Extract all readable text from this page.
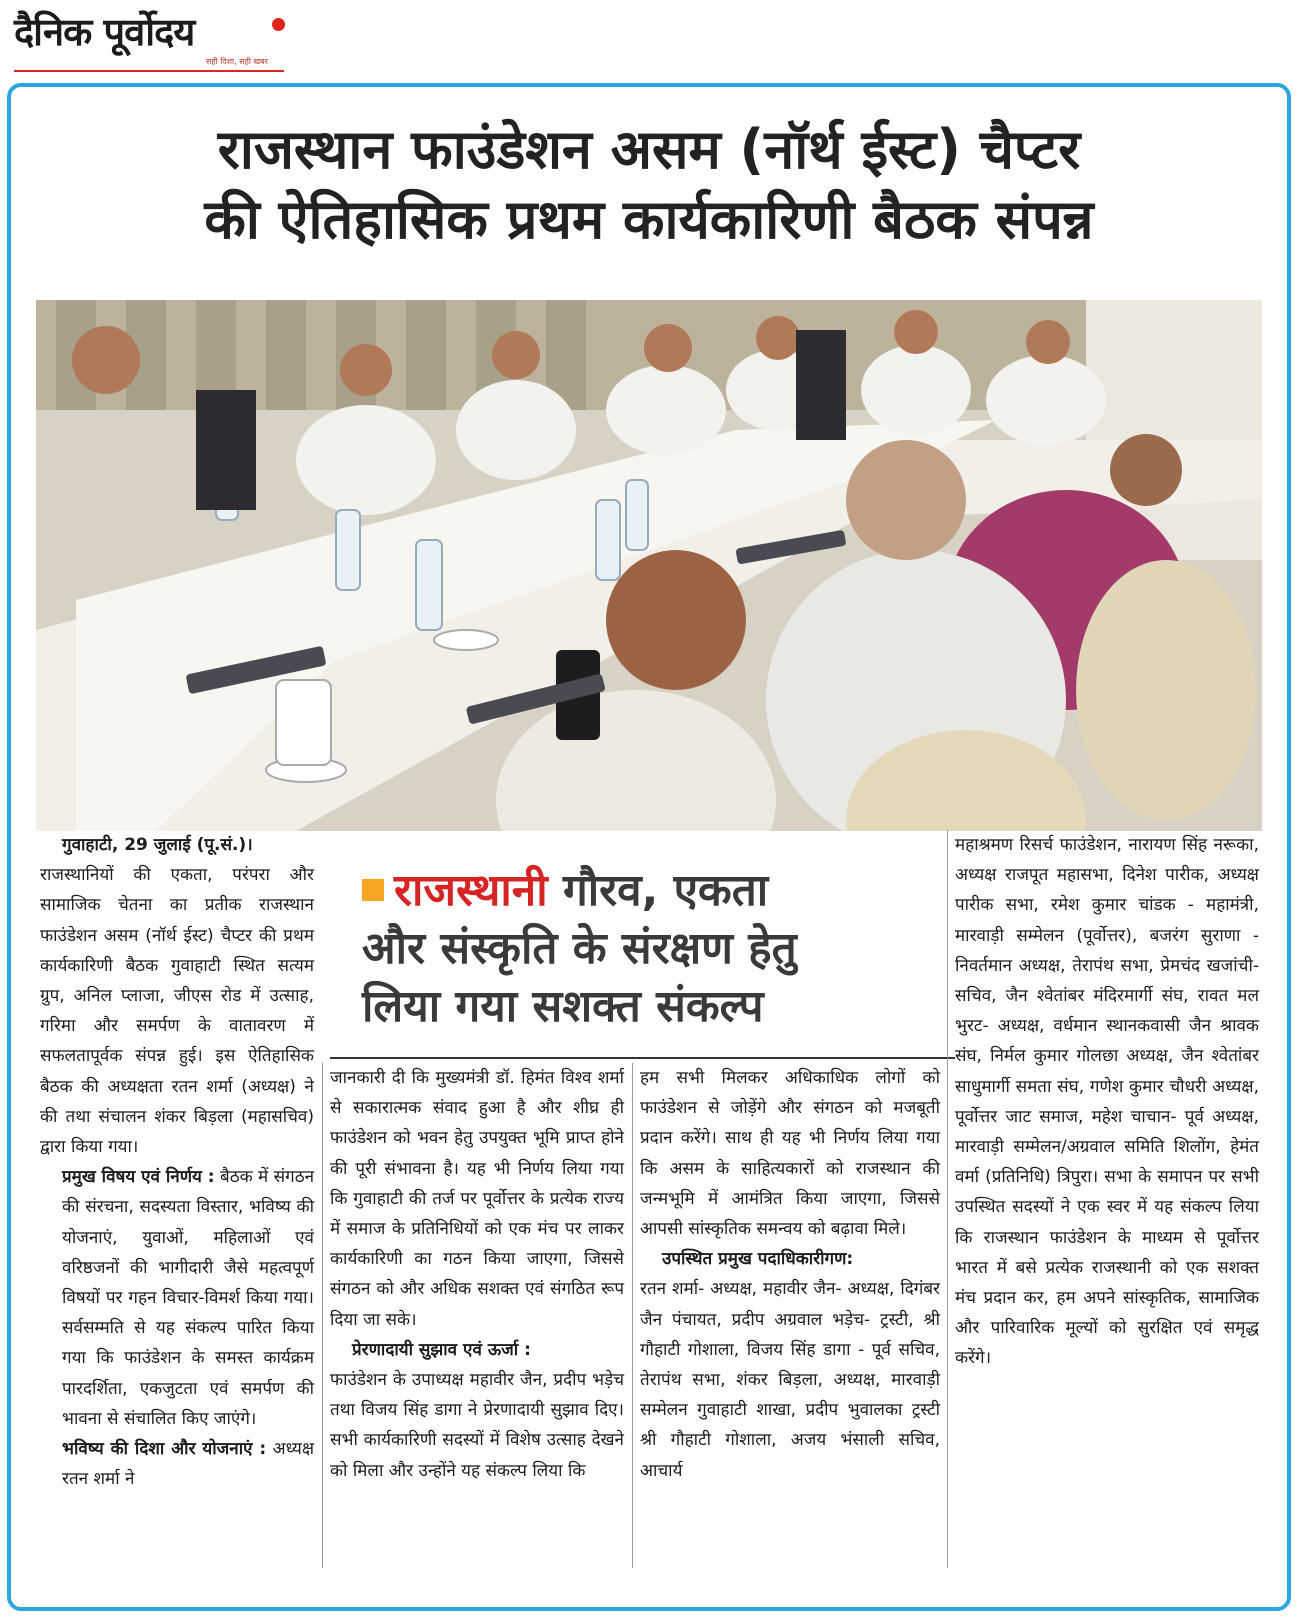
दैनिक पूर्वोदय
सही दिशा, सही खबर
राजस्थान फाउंडेशन असम (नॉर्थ ईस्ट) चैप्टर
की ऐतिहासिक प्रथम कार्यकारिणी बैठक संपन्न
राजस्थानी गौरव, एकता
और संस्कृति के संरक्षण हेतु
लिया गया सशक्त संकल्प

गुवाहाटी, 29 जुलाई (पू.सं.)।

राजस्थानियों की एकता, परंपरा और सामाजिक चेतना का प्रतीक राजस्थान फाउंडेशन असम (नॉर्थ ईस्ट) चैप्टर की प्रथम कार्यकारिणी बैठक गुवाहाटी स्थित सत्यम ग्रुप, अनिल प्लाजा, जीएस रोड में उत्साह, गरिमा और समर्पण के वातावरण में सफलतापूर्वक संपन्न हुई। इस ऐतिहासिक बैठक की अध्यक्षता रतन शर्मा (अध्यक्ष) ने की तथा संचालन शंकर बिड़ला (महासचिव) द्वारा किया गया।

प्रमुख विषय एवं निर्णय : बैठक में संगठन की संरचना, सदस्यता विस्तार, भविष्य की योजनाएं, युवाओं, महिलाओं एवं वरिष्ठजनों की भागीदारी जैसे महत्वपूर्ण विषयों पर गहन विचार-विमर्श किया गया। सर्वसम्मति से यह संकल्प पारित किया गया कि फाउंडेशन के समस्त कार्यक्रम पारदर्शिता, एकजुटता एवं समर्पण की भावना से संचालित किए जाएंगे।

भविष्य की दिशा और योजनाएं : अध्यक्ष रतन शर्मा ने

जानकारी दी कि मुख्यमंत्री डॉ. हिमंत विश्व शर्मा से सकारात्मक संवाद हुआ है और शीघ्र ही फाउंडेशन को भवन हेतु उपयुक्त भूमि प्राप्त होने की पूरी संभावना है। यह भी निर्णय लिया गया कि गुवाहाटी की तर्ज पर पूर्वोत्तर के प्रत्येक राज्य में समाज के प्रतिनिधियों को एक मंच पर लाकर कार्यकारिणी का गठन किया जाएगा, जिससे संगठन को और अधिक सशक्त एवं संगठित रूप दिया जा सके।

प्रेरणादायी सुझाव एवं ऊर्जा :

फाउंडेशन के उपाध्यक्ष महावीर जैन, प्रदीप भड़ेच तथा विजय सिंह डागा ने प्रेरणादायी सुझाव दिए। सभी कार्यकारिणी सदस्यों में विशेष उत्साह देखने को मिला और उन्होंने यह संकल्प लिया कि

हम सभी मिलकर अधिकाधिक लोगों को फाउंडेशन से जोड़ेंगे और संगठन को मजबूती प्रदान करेंगे। साथ ही यह भी निर्णय लिया गया कि असम के साहित्यकारों को राजस्थान की जन्मभूमि में आमंत्रित किया जाएगा, जिससे आपसी सांस्कृतिक समन्वय को बढ़ावा मिले।

उपस्थित प्रमुख पदाधिकारीगण:

रतन शर्मा- अध्यक्ष, महावीर जैन- अध्यक्ष, दिगंबर जैन पंचायत, प्रदीप अग्रवाल भड़ेच- ट्रस्टी, श्री गौहाटी गोशाला, विजय सिंह डागा - पूर्व सचिव, तेरापंथ सभा, शंकर बिड़ला, अध्यक्ष, मारवाड़ी सम्मेलन गुवाहाटी शाखा, प्रदीप भुवालका ट्रस्टी श्री गौहाटी गोशाला, अजय भंसाली सचिव, आचार्य

महाश्रमण रिसर्च फाउंडेशन, नारायण सिंह नरूका, अध्यक्ष राजपूत महासभा, दिनेश पारीक, अध्यक्ष पारीक सभा, रमेश कुमार चांडक - महामंत्री, मारवाड़ी सम्मेलन (पूर्वोत्तर), बजरंग सुराणा - निवर्तमान अध्यक्ष, तेरापंथ सभा, प्रेमचंद खजांची- सचिव, जैन श्वेतांबर मंदिरमार्गी संघ, रावत मल भुरट- अध्यक्ष, वर्धमान स्थानकवासी जैन श्रावक संघ, निर्मल कुमार गोलछा अध्यक्ष, जैन श्वेतांबर साधुमार्गी समता संघ, गणेश कुमार चौधरी अध्यक्ष, पूर्वोत्तर जाट समाज, महेश चाचान- पूर्व अध्यक्ष, मारवाड़ी सम्मेलन/अग्रवाल समिति शिलोंग, हेमंत वर्मा (प्रतिनिधि) त्रिपुरा। सभा के समापन पर सभी उपस्थित सदस्यों ने एक स्वर में यह संकल्प लिया कि राजस्थान फाउंडेशन के माध्यम से पूर्वोत्तर भारत में बसे प्रत्येक राजस्थानी को एक सशक्त मंच प्रदान कर, हम अपने सांस्कृतिक, सामाजिक और पारिवारिक मूल्यों को सुरक्षित एवं समृद्ध करेंगे।
